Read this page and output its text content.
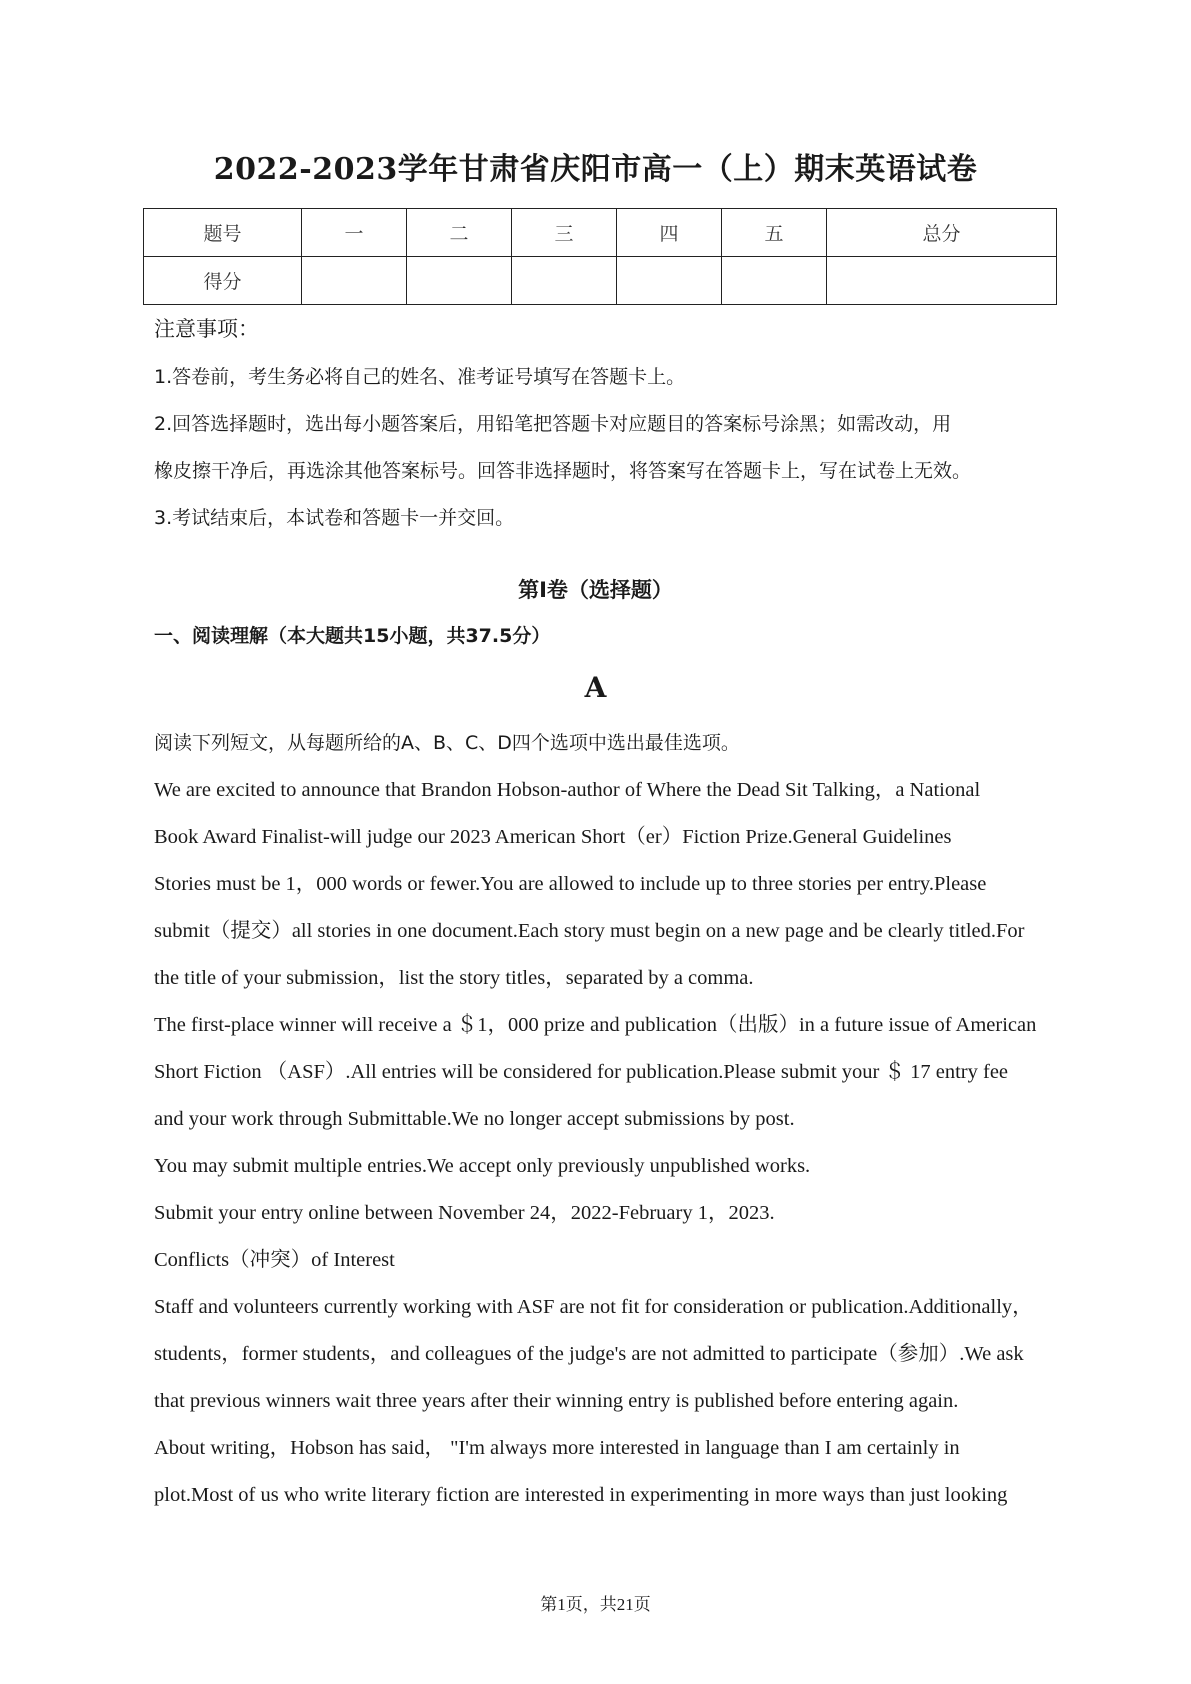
2022-2023学年甘肃省庆阳市高一（上）期末英语试卷
题号	一	二	三	四	五	总分
得分						
注意事项：
1.答卷前，考生务必将自己的姓名、准考证号填写在答题卡上。
2.回答选择题时，选出每小题答案后，用铅笔把答题卡对应题目的答案标号涂黑；如需改动，用
橡皮擦干净后，再选涂其他答案标号。回答非选择题时，将答案写在答题卡上，写在试卷上无效。
3.考试结束后，本试卷和答题卡一并交回。
第I卷（选择题）
一、阅读理解（本大题共15小题，共37.5分）
A
阅读下列短文，从每题所给的A、B、C、D四个选项中选出最佳选项。
We are excited to announce that Brandon Hobson-author of Where the Dead Sit Talking，a National
Book Award Finalist-will judge our 2023 American Short（er）Fiction Prize.General Guidelines
Stories must be 1，000 words or fewer.You are allowed to include up to three stories per entry.Please
submit（提交）all stories in one document.Each story must begin on a new page and be clearly titled.For
the title of your submission，list the story titles，separated by a comma.
The first-place winner will receive a ＄1，000 prize and publication（出版）in a future issue of American
Short Fiction （ASF）.All entries will be considered for publication.Please submit your ＄ 17 entry fee
and your work through Submittable.We no longer accept submissions by post.
You may submit multiple entries.We accept only previously unpublished works.
Submit your entry online between November 24，2022-February 1，2023.
Conflicts（冲突）of Interest
Staff and volunteers currently working with ASF are not fit for consideration or publication.Additionally，
students，former students，and colleagues of the judge's are not admitted to participate（参加）.We ask
that previous winners wait three years after their winning entry is published before entering again.
About writing，Hobson has said， "I'm always more interested in language than I am certainly in
plot.Most of us who write literary fiction are interested in experimenting in more ways than just looking
第1页，共21页
